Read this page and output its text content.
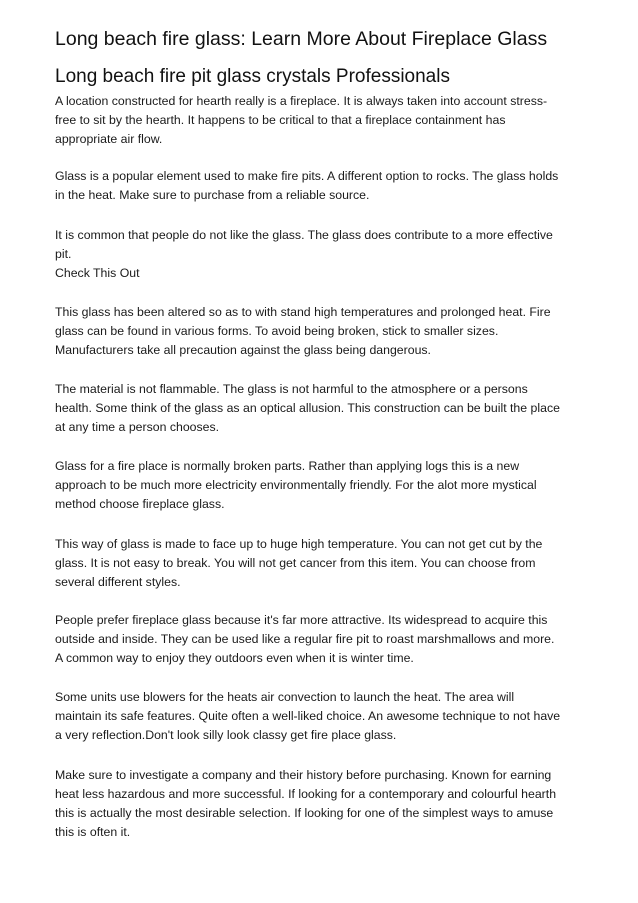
Long beach fire glass: Learn More About Fireplace Glass
Long beach fire pit glass crystals Professionals

A location constructed for hearth really is a fireplace. It is always taken into account stress-
free to sit by the hearth. It happens to be critical to that a fireplace containment has
appropriate air flow.

Glass is a popular element used to make fire pits. A different option to rocks. The glass holds
in the heat. Make sure to purchase from a reliable source.

It is common that people do not like the glass. The glass does contribute to a more effective
pit.
Check This Out

This glass has been altered so as to with stand high temperatures and prolonged heat. Fire
glass can be found in various forms. To avoid being broken, stick to smaller sizes.
Manufacturers take all precaution against the glass being dangerous.

The material is not flammable. The glass is not harmful to the atmosphere or a persons
health. Some think of the glass as an optical allusion. This construction can be built the place
at any time a person chooses.

Glass for a fire place is normally broken parts. Rather than applying logs this is a new
approach to be much more electricity environmentally friendly. For the alot more mystical
method choose fireplace glass.

This way of glass is made to face up to huge high temperature. You can not get cut by the
glass. It is not easy to break. You will not get cancer from this item. You can choose from
several different styles.

People prefer fireplace glass because it's far more attractive. Its widespread to acquire this
outside and inside. They can be used like a regular fire pit to roast marshmallows and more.
A common way to enjoy they outdoors even when it is winter time.

Some units use blowers for the heats air convection to launch the heat. The area will
maintain its safe features. Quite often a well-liked choice. An awesome technique to not have
a very reflection.Don't look silly look classy get fire place glass.

Make sure to investigate a company and their history before purchasing. Known for earning
heat less hazardous and more successful. If looking for a contemporary and colourful hearth
this is actually the most desirable selection. If looking for one of the simplest ways to amuse
this is often it.
